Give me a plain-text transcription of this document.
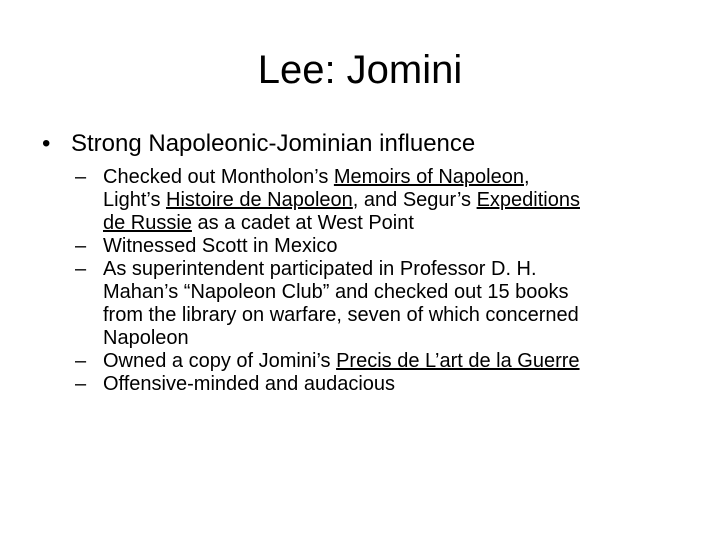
Lee: Jomini
• Strong Napoleonic-Jominian influence
– Checked out Montholon’s Memoirs of Napoleon,
Light’s Histoire de Napoleon, and Segur’s Expeditions
de Russie as a cadet at West Point
– Witnessed Scott in Mexico
– As superintendent participated in Professor D. H.
Mahan’s “Napoleon Club” and checked out 15 books
from the library on warfare, seven of which concerned
Napoleon
– Owned a copy of Jomini’s Precis de L’art de la Guerre
– Offensive-minded and audacious
